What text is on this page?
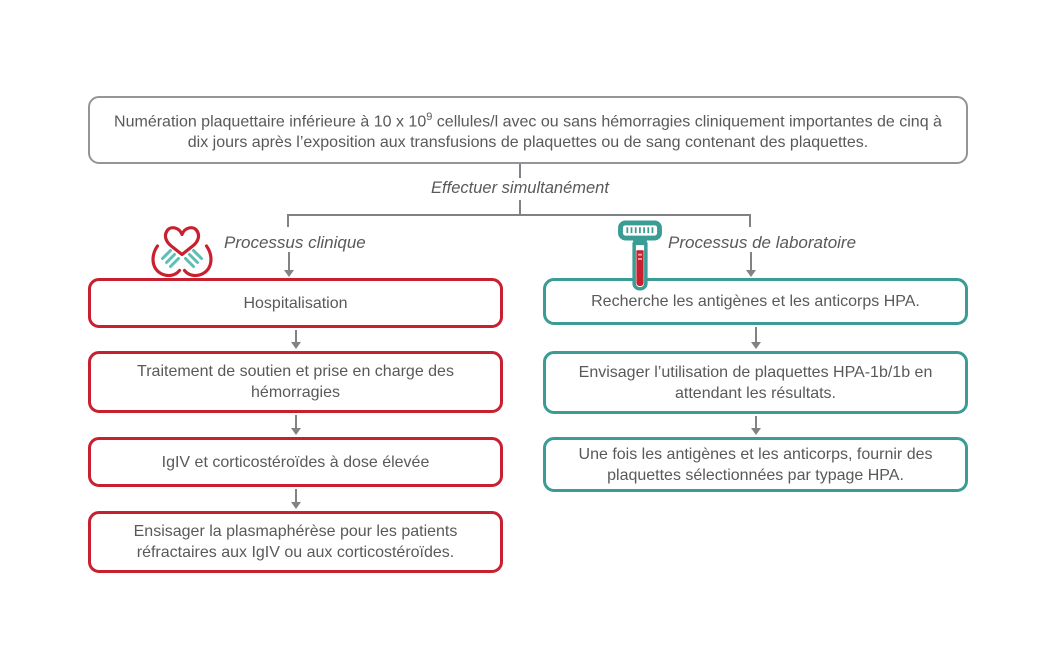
Numération plaquettaire inférieure à 10 x $10^9$ cellules/l avec ou sans hémorragies cliniquement importantes de cinq à dix jours après l’exposition aux transfusions de plaquettes ou de sang contenant des plaquettes.
Effectuer simultanément
Processus clinique	Processus de laboratoire
Hospitalisation
Traitement de soutien et prise en charge des hémorragies
IgIV et corticostéroïdes à dose élevée
Ensisager la plasmaphérèse pour les patients réfractaires aux IgIV ou aux corticostéroïdes.
Recherche les antigènes et les anticorps HPA.
Envisager l’utilisation de plaquettes HPA-1b/1b en attendant les résultats.
Une fois les antigènes et les anticorps, fournir des plaquettes sélectionnées par typage HPA.
